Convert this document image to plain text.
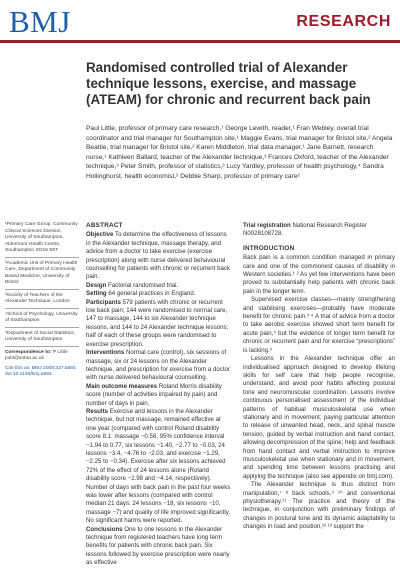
BMJ	RESEARCH
Randomised controlled trial of Alexander technique lessons, exercise, and massage (ATEAM) for chronic and recurrent back pain
Paul Little, professor of primary care research,¹ George Lewith, reader,¹ Fran Webley, overall trial coordinator and trial manager for Southampton site,¹ Maggie Evans, trial manager for Bristol site,² Angela Beattie, trial manager for Bristol site,² Karen Middleton, trial data manager,¹ Jane Barnett, research nurse,¹ Kathleen Ballard, teacher of the Alexander technique,³ Frances Oxford, teacher of the Alexander technique,³ Peter Smith, professor of statistics,³ Lucy Yardley, professor of health psychology,⁴ Sandra Hollinghurst, health economist,² Debbie Sharp, professor of primary care²

¹Primary Care Group, Community Clinical Sciences Division, University of Southampton, Aldermoor Health Centre, Southampton SO16 5ST

²Academic Unit of Primary Health Care, Department of Community Based Medicine, University of Bristol

³Society of Teachers of the Alexander Technique, London

⁴School of Psychology, University of Southampton

⁵Department of Social Statistics, University of Southampton

Correspondence to: P Little psl3@soton.ac.uk

Cite this as: BMJ 2008;337:a884 doi:10.1136/bmj.a884

ABSTRACT

Objective To determine the effectiveness of lessons in the Alexander technique, massage therapy, and advice from a doctor to take exercise (exercise prescription) along with nurse delivered behavioural counselling for patients with chronic or recurrent back pain.

Design Factorial randomised trial.

Setting 64 general practices in England.

Participants 579 patients with chronic or recurrent low back pain; 144 were randomised to normal care, 147 to massage, 144 to six Alexander technique lessons, and 144 to 24 Alexander technique lessons; half of each of these groups were randomised to exercise prescription.

Interventions Normal care (control), six sessions of massage, six or 24 lessons on the Alexander technique, and prescription for exercise from a doctor with nurse delivered behavioural counselling.

Main outcome measures Roland Morris disability score (number of activities impaired by pain) and number of days in pain.

Results Exercise and lessons in the Alexander technique, but not massage, remained effective at one year (compared with control Roland disability score 8.1: massage −0.58, 95% confidence interval −1.94 to 0.77, six lessons −1.40, −2.77 to −0.03, 24 lessons −3.4, −4.76 to −2.03, and exercise −1.29, −2.25 to −0.34). Exercise after six lessons achieved 72% of the effect of 24 lessons alone (Roland disability score −2.98 and −4.14, respectively). Number of days with back pain in the past four weeks was lower after lessons (compared with control median 21 days: 24 lessons −18, six lessons −10, massage −7) and quality of life improved significantly. No significant harms were reported.

Conclusions One to one lessons in the Alexander technique from registered teachers have long term benefits for patients with chronic back pain. Six lessons followed by exercise prescription were nearly as effective

Trial registration National Research Register N0028108728.

INTRODUCTION

Back pain is a common condition managed in primary care and one of the commonest causes of disability in Western societies.¹ ² As yet few interventions have been proved to substantially help patients with chronic back pain in the longer term.

Supervised exercise classes—mainly strengthening and stabilising exercises—probably have moderate benefit for chronic pain.³ ⁴ A trial of advice from a doctor to take aerobic exercise showed short term benefit for acute pain,⁵ but the evidence of longer term benefit for chronic or recurrent pain and for exercise “prescriptions” is lacking.⁶

Lessons in the Alexander technique offer an individualised approach designed to develop lifelong skills for self care that help people recognise, understand, and avoid poor habits affecting postural tone and neuromuscular coordination. Lessons involve continuous personalised assessment of the individual patterns of habitual musculoskeletal use when stationary and in movement; paying particular attention to release of unwanted head, neck, and spinal muscle tension, guided by verbal instruction and hand contact, allowing decompression of the spine; help and feedback from hand contact and verbal instruction to improve musculoskeletal use when stationary and in movement; and spending time between lessons practising and applying the technique (also see appendix on bmj.com).

The Alexander technique is thus distinct from manipulation,⁷ ⁸ back schools,⁹ ¹⁰ and conventional physiotherapy.¹¹ The practice and theory of the technique, in conjunction with preliminary findings of changes in postural tone and its dynamic adaptability to changes in load and position,¹² ¹³ support the
